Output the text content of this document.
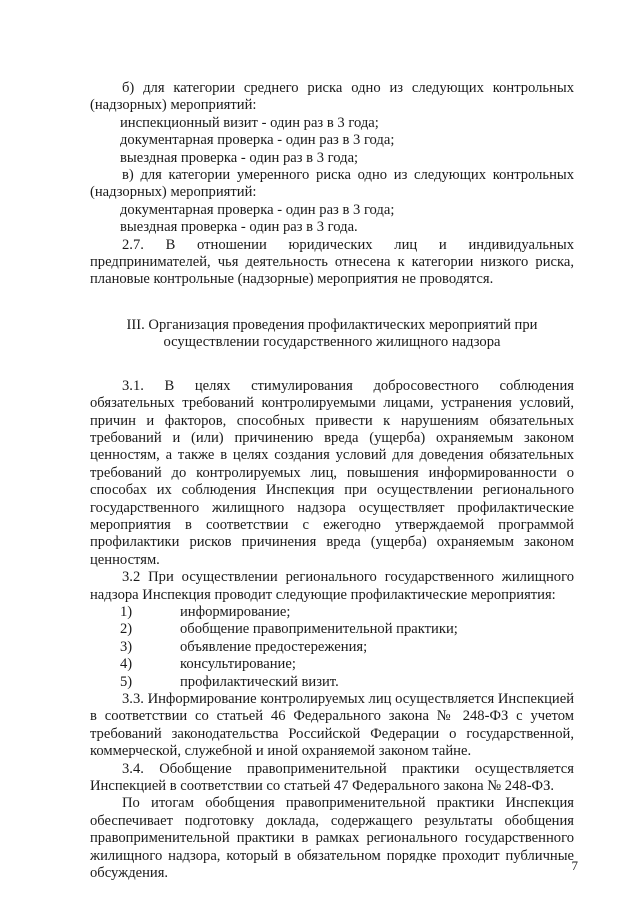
б) для категории среднего риска одно из следующих контрольных (надзорных) мероприятий:

инспекционный визит - один раз в 3 года;

документарная проверка - один раз в 3 года;

выездная проверка - один раз в 3 года;

в) для категории умеренного риска одно из следующих контрольных (надзорных) мероприятий:

документарная проверка - один раз в 3 года;

выездная проверка - один раз в 3 года.

2.7. В отношении юридических лиц и индивидуальных предпринимателей, чья деятельность отнесена к категории низкого риска, плановые контрольные (надзорные) мероприятия не проводятся.

III. Организация проведения профилактических мероприятий при
осуществлении государственного жилищного надзора

3.1. В целях стимулирования добросовестного соблюдения обязательных требований контролируемыми лицами, устранения условий, причин и факторов, способных привести к нарушениям обязательных требований и (или) причинению вреда (ущерба) охраняемым законом ценностям, а также в целях создания условий для доведения обязательных требований до контролируемых лиц, повышения информированности о способах их соблюдения Инспекция при осуществлении регионального государственного жилищного надзора осуществляет профилактические мероприятия в соответствии с ежегодно утверждаемой программой профилактики рисков причинения вреда (ущерба) охраняемым законом ценностям.

3.2 При осуществлении регионального государственного жилищного надзора Инспекция проводит следующие профилактические мероприятия:

1)	информирование;
2)	обобщение правоприменительной практики;
3)	объявление предостережения;
4)	консультирование;
5)	профилактический визит.

3.3. Информирование контролируемых лиц осуществляется Инспекцией в соответствии со статьей 46 Федерального закона № 248-ФЗ с учетом требований законодательства Российской Федерации о государственной, коммерческой, служебной и иной охраняемой законом тайне.

3.4. Обобщение правоприменительной практики осуществляется Инспекцией в соответствии со статьей 47 Федерального закона № 248-ФЗ.

По итогам обобщения правоприменительной практики Инспекция обеспечивает подготовку доклада, содержащего результаты обобщения правоприменительной практики в рамках регионального государственного жилищного надзора, который в обязательном порядке проходит публичные обсуждения.	7
